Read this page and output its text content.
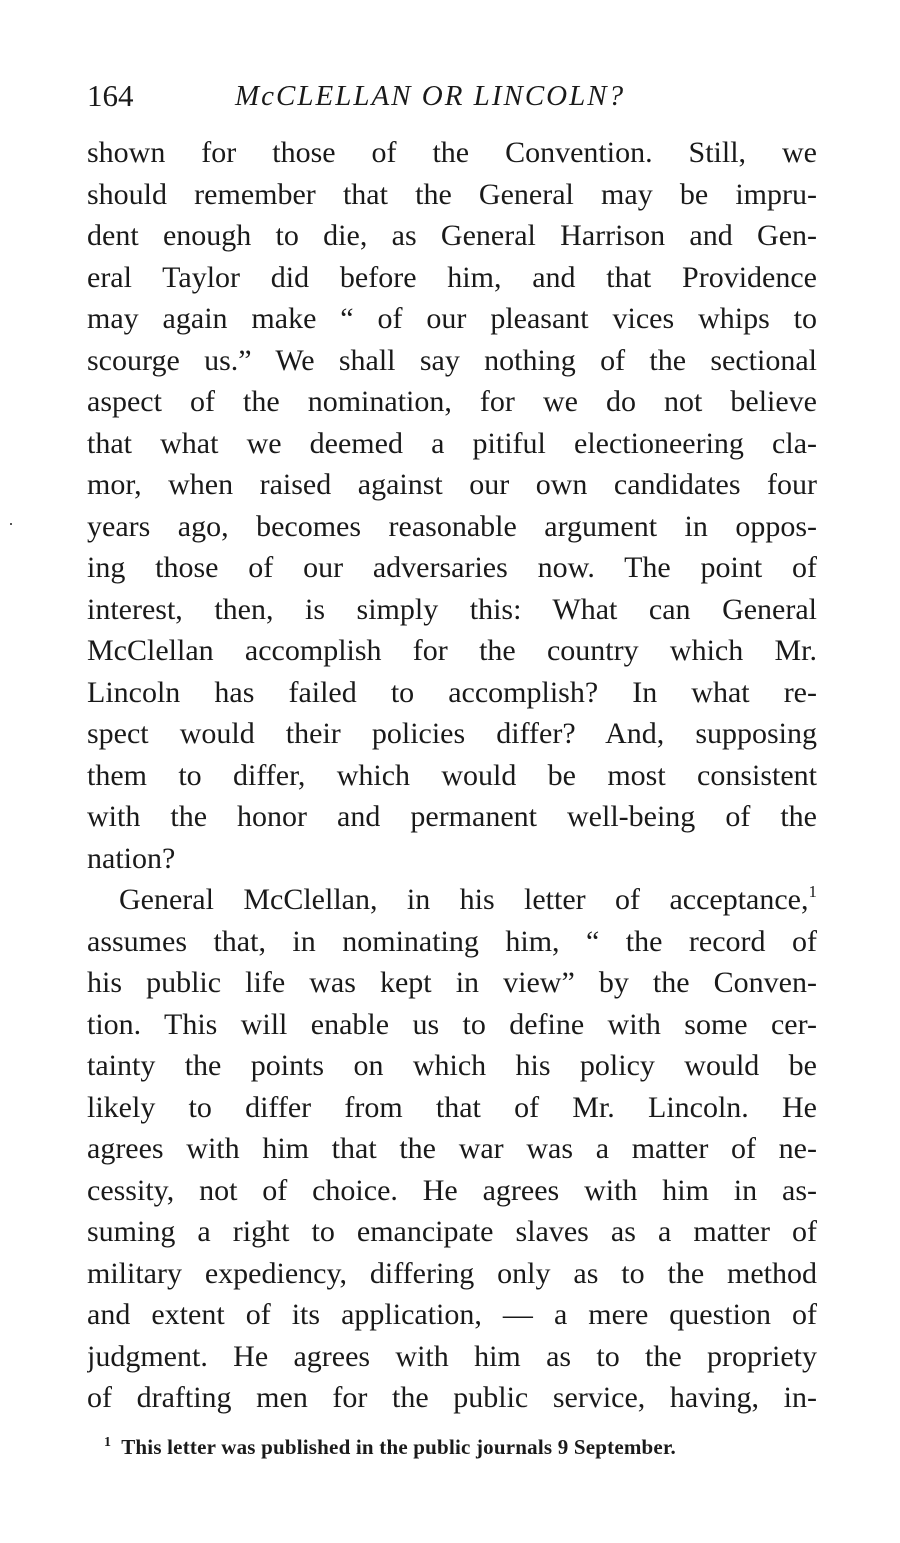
164	McCLELLAN OR LINCOLN?
shown for those of the Convention. Still, we
should remember that the General may be impru-
dent enough to die, as General Harrison and Gen-
eral Taylor did before him, and that Providence
may again make “ of our pleasant vices whips to
scourge us.” We shall say nothing of the sectional
aspect of the nomination, for we do not believe
that what we deemed a pitiful electioneering cla-
mor, when raised against our own candidates four
years ago, becomes reasonable argument in oppos-
ing those of our adversaries now. The point of
interest, then, is simply this: What can General
McClellan accomplish for the country which Mr.
Lincoln has failed to accomplish? In what re-
spect would their policies differ? And, supposing
them to differ, which would be most consistent
with the honor and permanent well-being of the
nation?
General McClellan, in his letter of acceptance,$^1$
assumes that, in nominating him, “ the record of
his public life was kept in view” by the Conven-
tion. This will enable us to define with some cer-
tainty the points on which his policy would be
likely to differ from that of Mr. Lincoln. He
agrees with him that the war was a matter of ne-
cessity, not of choice. He agrees with him in as-
suming a right to emancipate slaves as a matter of
military expediency, differing only as to the method
and extent of its application, — a mere question of
judgment. He agrees with him as to the propriety
of drafting men for the public service, having, in-
$^1$ This letter was published in the public journals 9 September.
